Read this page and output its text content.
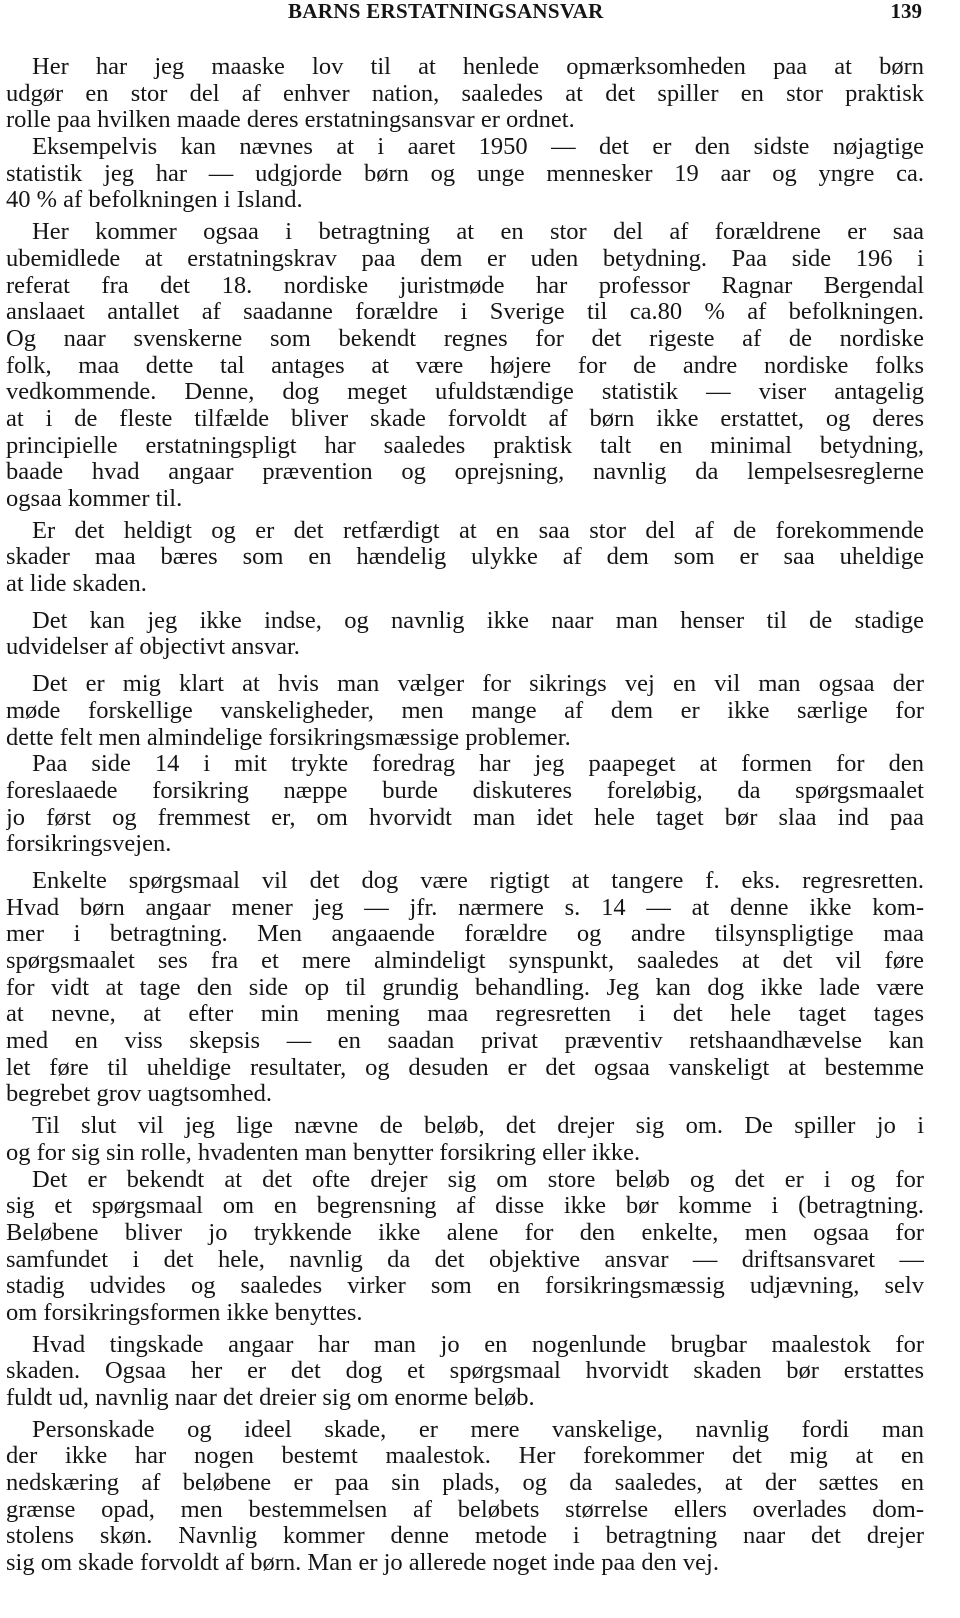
BARNS ERSTATNINGSANSVAR	139
Her har jeg maaske lov til at henlede opmærksomheden paa at børn
udgør en stor del af enhver nation, saaledes at det spiller en stor praktisk
rolle paa hvilken maade deres erstatningsansvar er ordnet.
Eksempelvis kan nævnes at i aaret 1950 — det er den sidste nøjagtige
statistik jeg har — udgjorde børn og unge mennesker 19 aar og yngre ca.
40 % af befolkningen i Island.
Her kommer ogsaa i betragtning at en stor del af forældrene er saa
ubemidlede at erstatningskrav paa dem er uden betydning. Paa side 196 i
referat fra det 18. nordiske juristmøde har professor Ragnar Bergendal
anslaaet antallet af saadanne forældre i Sverige til ca.80 % af befolkningen.
Og naar svenskerne som bekendt regnes for det rigeste af de nordiske
folk, maa dette tal antages at være højere for de andre nordiske folks
vedkommende. Denne, dog meget ufuldstændige statistik — viser antagelig
at i de fleste tilfælde bliver skade forvoldt af børn ikke erstattet, og deres
principielle erstatningspligt har saaledes praktisk talt en minimal betydning,
baade hvad angaar prævention og oprejsning, navnlig da lempelsesreglerne
ogsaa kommer til.
Er det heldigt og er det retfærdigt at en saa stor del af de forekommende
skader maa bæres som en hændelig ulykke af dem som er saa uheldige
at lide skaden.
Det kan jeg ikke indse, og navnlig ikke naar man henser til de stadige
udvidelser af objectivt ansvar.
Det er mig klart at hvis man vælger for sikrings vej en vil man ogsaa der
møde forskellige vanskeligheder, men mange af dem er ikke særlige for
dette felt men almindelige forsikringsmæssige problemer.
Paa side 14 i mit trykte foredrag har jeg paapeget at formen for den
foreslaaede forsikring næppe burde diskuteres foreløbig, da spørgsmaalet
jo først og fremmest er, om hvorvidt man idet hele taget bør slaa ind paa
forsikringsvejen.
Enkelte spørgsmaal vil det dog være rigtigt at tangere f. eks. regresretten.
Hvad børn angaar mener jeg — jfr. nærmere s. 14 — at denne ikke kom-
mer i betragtning. Men angaaende forældre og andre tilsynspligtige maa
spørgsmaalet ses fra et mere almindeligt synspunkt, saaledes at det vil føre
for vidt at tage den side op til grundig behandling. Jeg kan dog ikke lade være
at nevne, at efter min mening maa regresretten i det hele taget tages
med en viss skepsis — en saadan privat præventiv retshaandhævelse kan
let føre til uheldige resultater, og desuden er det ogsaa vanskeligt at bestemme
begrebet grov uagtsomhed.
Til slut vil jeg lige nævne de beløb, det drejer sig om. De spiller jo i
og for sig sin rolle, hvadenten man benytter forsikring eller ikke.
Det er bekendt at det ofte drejer sig om store beløb og det er i og for
sig et spørgsmaal om en begrensning af disse ikke bør komme i (betragtning.
Beløbene bliver jo trykkende ikke alene for den enkelte, men ogsaa for
samfundet i det hele, navnlig da det objektive ansvar — driftsansvaret —
stadig udvides og saaledes virker som en forsikringsmæssig udjævning, selv
om forsikringsformen ikke benyttes.
Hvad tingskade angaar har man jo en nogenlunde brugbar maalestok for
skaden. Ogsaa her er det dog et spørgsmaal hvorvidt skaden bør erstattes
fuldt ud, navnlig naar det dreier sig om enorme beløb.
Personskade og ideel skade, er mere vanskelige, navnlig fordi man
der ikke har nogen bestemt maalestok. Her forekommer det mig at en
nedskæring af beløbene er paa sin plads, og da saaledes, at der sættes en
grænse opad, men bestemmelsen af beløbets størrelse ellers overlades dom-
stolens skøn. Navnlig kommer denne metode i betragtning naar det drejer
sig om skade forvoldt af børn. Man er jo allerede noget inde paa den vej.
